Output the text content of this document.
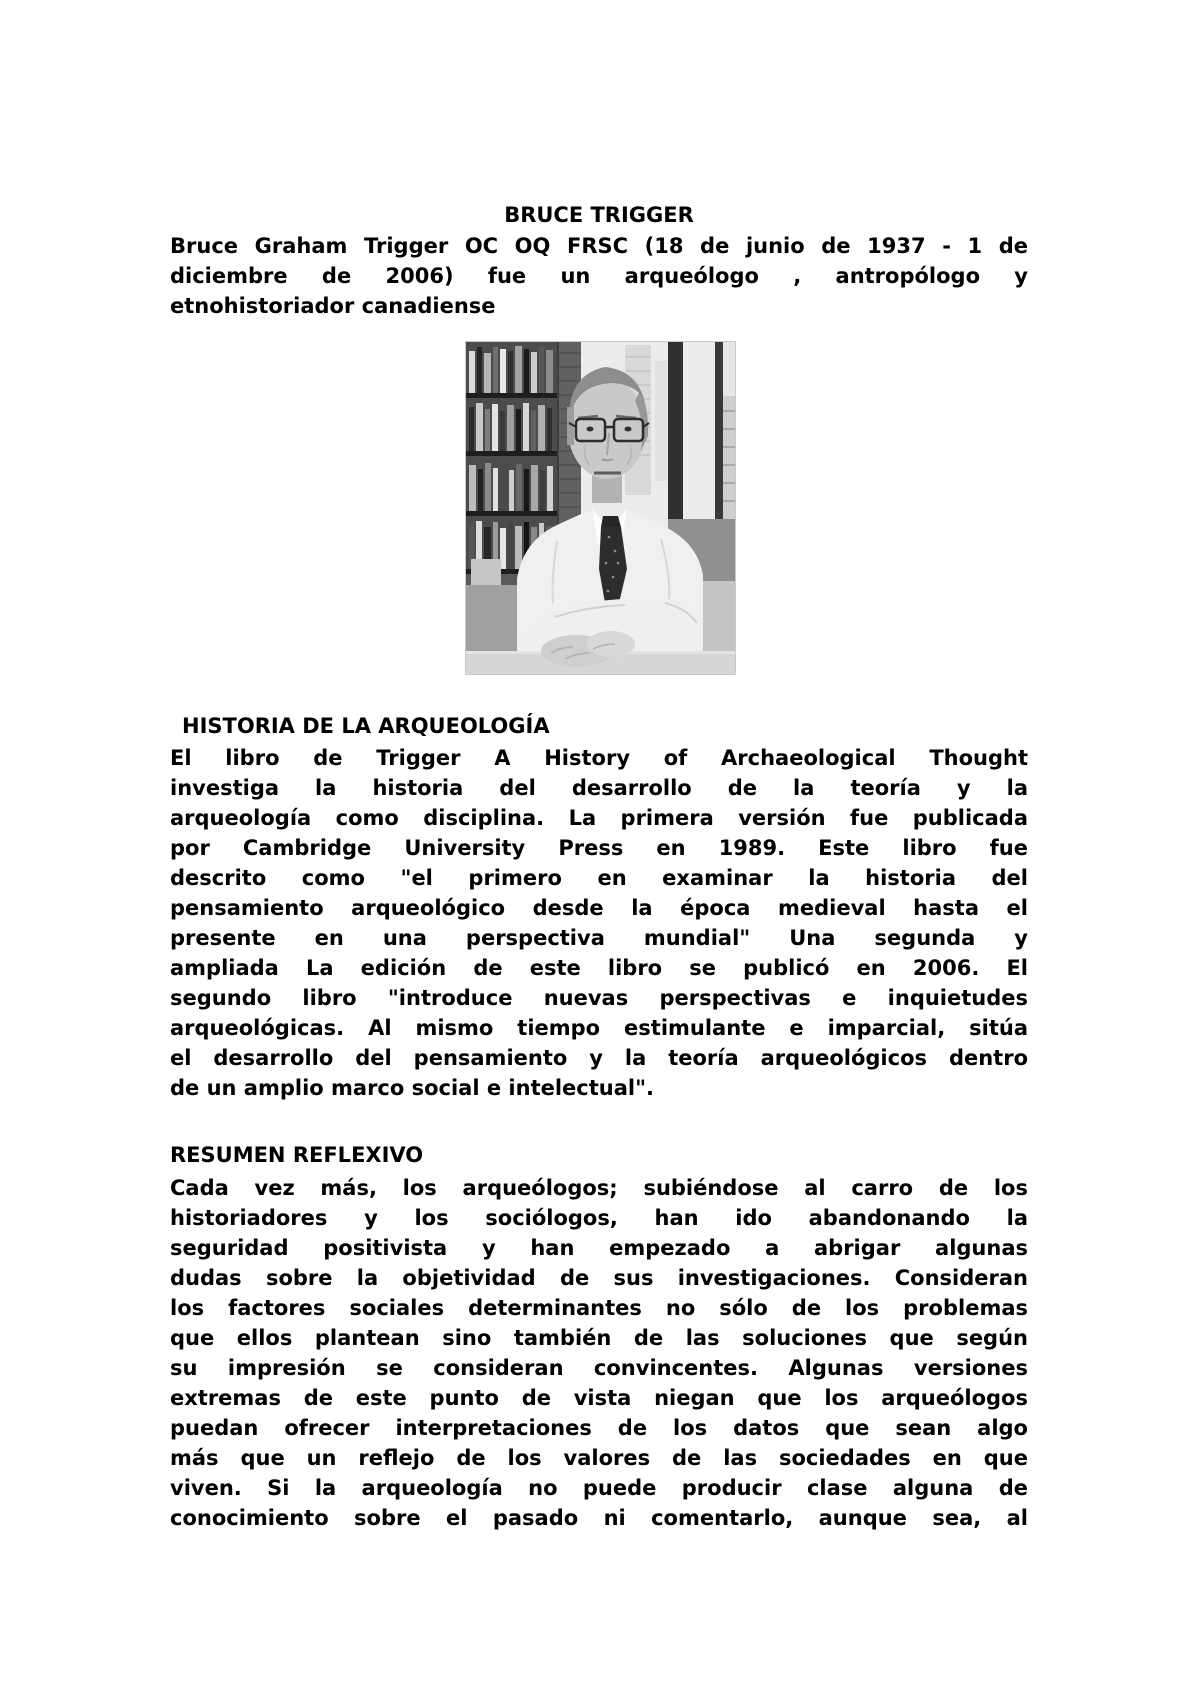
BRUCE TRIGGER
Bruce Graham Trigger OC OQ FRSC (18 de junio de 1937 - 1 de
diciembre de 2006) fue un arqueólogo , antropólogo y
etnohistoriador canadiense
HISTORIA DE LA ARQUEOLOGÍA
El libro de Trigger A History of Archaeological Thought
investiga la historia del desarrollo de la teoría y la
arqueología como disciplina. La primera versión fue publicada
por Cambridge University Press en 1989. Este libro fue
descrito como "el primero en examinar la historia del
pensamiento arqueológico desde la época medieval hasta el
presente en una perspectiva mundial" Una segunda y
ampliada La edición de este libro se publicó en 2006. El
segundo libro "introduce nuevas perspectivas e inquietudes
arqueológicas. Al mismo tiempo estimulante e imparcial, sitúa
el desarrollo del pensamiento y la teoría arqueológicos dentro
de un amplio marco social e intelectual".
RESUMEN REFLEXIVO
Cada vez más, los arqueólogos; subiéndose al carro de los
historiadores y los sociólogos, han ido abandonando la
seguridad positivista y han empezado a abrigar algunas
dudas sobre la objetividad de sus investigaciones. Consideran
los factores sociales determinantes no sólo de los problemas
que ellos plantean sino también de las soluciones que según
su impresión se consideran convincentes. Algunas versiones
extremas de este punto de vista niegan que los arqueólogos
puedan ofrecer interpretaciones de los datos que sean algo
más que un reflejo de los valores de las sociedades en que
viven. Si la arqueología no puede producir clase alguna de
conocimiento sobre el pasado ni comentarlo, aunque sea, al
